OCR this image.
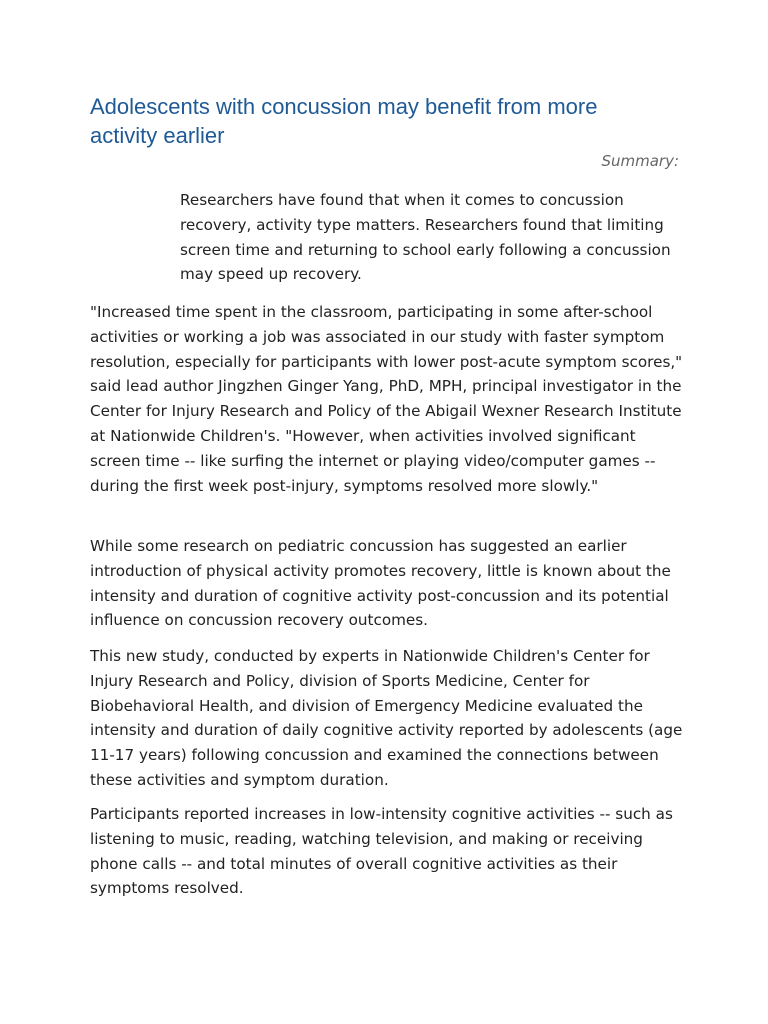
Adolescents with concussion may benefit from more activity earlier

Summary:

Researchers have found that when it comes to concussion recovery, activity type matters. Researchers found that limiting screen time and returning to school early following a concussion may speed up recovery.

"Increased time spent in the classroom, participating in some after-school activities or working a job was associated in our study with faster symptom resolution, especially for participants with lower post-acute symptom scores," said lead author Jingzhen Ginger Yang, PhD, MPH, principal investigator in the Center for Injury Research and Policy of the Abigail Wexner Research Institute at Nationwide Children's. "However, when activities involved significant screen time -- like surfing the internet or playing video/computer games -- during the first week post-injury, symptoms resolved more slowly."

While some research on pediatric concussion has suggested an earlier introduction of physical activity promotes recovery, little is known about the intensity and duration of cognitive activity post-concussion and its potential influence on concussion recovery outcomes.

This new study, conducted by experts in Nationwide Children's Center for Injury Research and Policy, division of Sports Medicine, Center for Biobehavioral Health, and division of Emergency Medicine evaluated the intensity and duration of daily cognitive activity reported by adolescents (age 11-17 years) following concussion and examined the connections between these activities and symptom duration.

Participants reported increases in low-intensity cognitive activities -- such as listening to music, reading, watching television, and making or receiving phone calls -- and total minutes of overall cognitive activities as their symptoms resolved.
